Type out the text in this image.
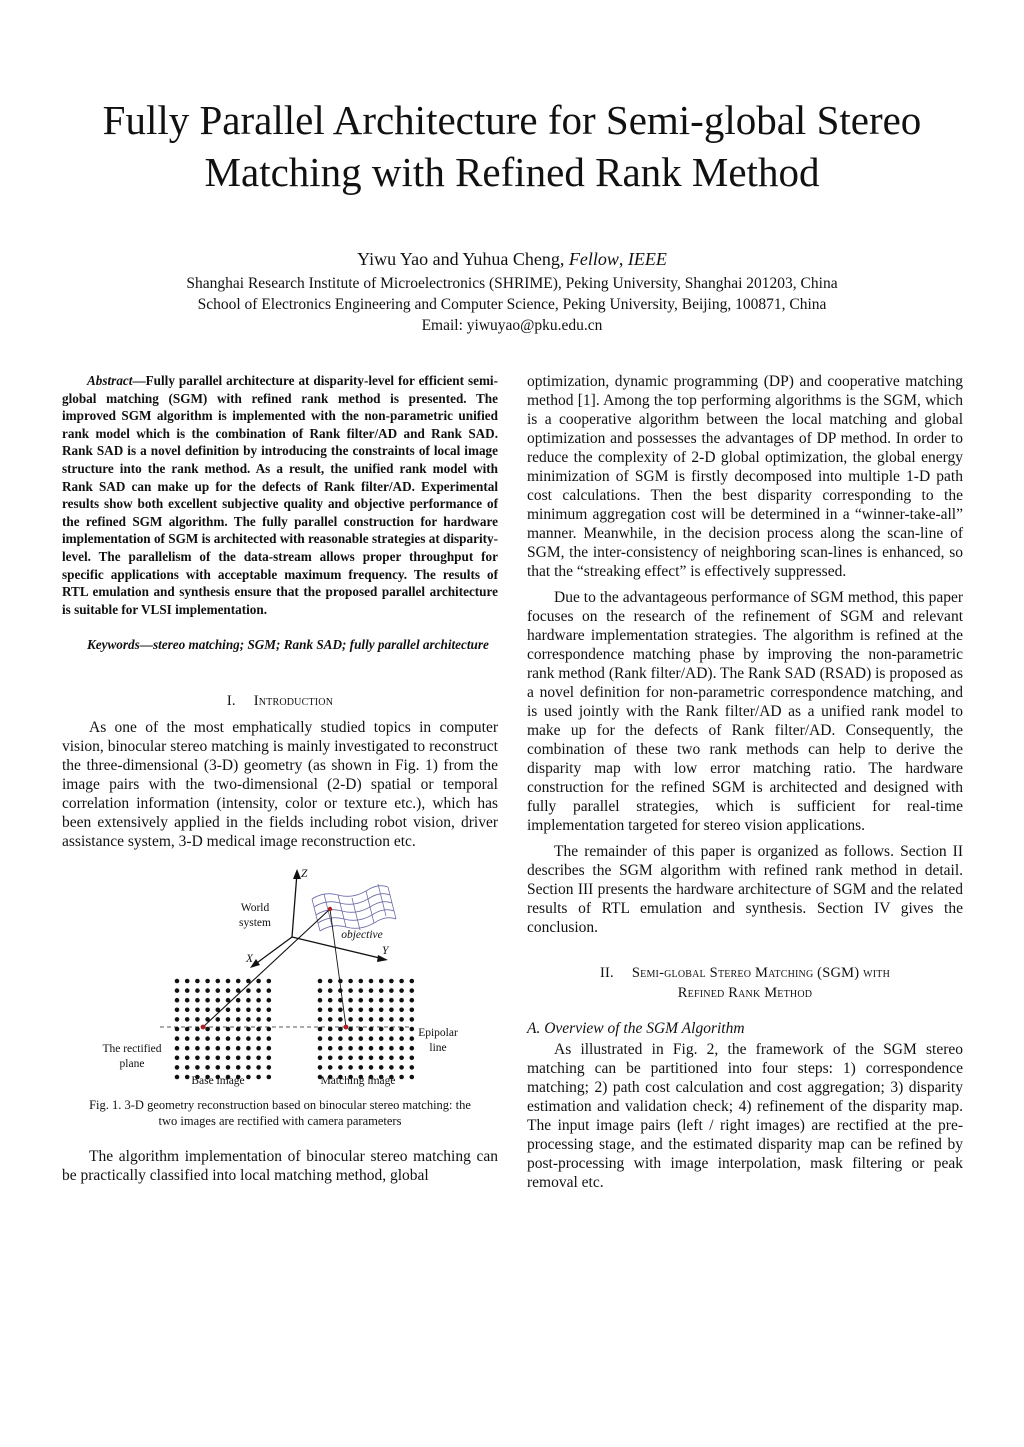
Fully Parallel Architecture for Semi-global Stereo
Matching with Refined Rank Method
Yiwu Yao and Yuhua Cheng, Fellow, IEEE
Shanghai Research Institute of Microelectronics (SHRIME), Peking University, Shanghai 201203, China
School of Electronics Engineering and Computer Science, Peking University, Beijing, 100871, China
Email: yiwuyao@pku.edu.cn

Abstract—Fully parallel architecture at disparity-level for efficient semi-global matching (SGM) with refined rank method is presented. The improved SGM algorithm is implemented with the non-parametric unified rank model which is the combination of Rank filter/AD and Rank SAD. Rank SAD is a novel definition by introducing the constraints of local image structure into the rank method. As a result, the unified rank model with Rank SAD can make up for the defects of Rank filter/AD. Experimental results show both excellent subjective quality and objective performance of the refined SGM algorithm. The fully parallel construction for hardware implementation of SGM is architected with reasonable strategies at disparity-level. The parallelism of the data-stream allows proper throughput for specific applications with acceptable maximum frequency. The results of RTL emulation and synthesis ensure that the proposed parallel architecture is suitable for VLSI implementation.

Keywords—stereo matching; SGM; Rank SAD; fully parallel architecture

I. Introduction

As one of the most emphatically studied topics in computer vision, binocular stereo matching is mainly investigated to reconstruct the three-dimensional (3-D) geometry (as shown in Fig. 1) from the image pairs with the two-dimensional (2-D) spatial or temporal correlation information (intensity, color or texture etc.), which has been extensively applied in the fields including robot vision, driver assistance system, 3-D medical image reconstruction etc.

Z
X
Y
World
system
objective
The rectified
plane
Epipolar
line
Base image	Matching image

Fig. 1. 3-D geometry reconstruction based on binocular stereo matching: the
two images are rectified with camera parameters

The algorithm implementation of binocular stereo matching can be practically classified into local matching method, global

optimization, dynamic programming (DP) and cooperative matching method [1]. Among the top performing algorithms is the SGM, which is a cooperative algorithm between the local matching and global optimization and possesses the advantages of DP method. In order to reduce the complexity of 2-D global optimization, the global energy minimization of SGM is firstly decomposed into multiple 1-D path cost calculations. Then the best disparity corresponding to the minimum aggregation cost will be determined in a “winner-take-all” manner. Meanwhile, in the decision process along the scan-line of SGM, the inter-consistency of neighboring scan-lines is enhanced, so that the “streaking effect” is effectively suppressed.

Due to the advantageous performance of SGM method, this paper focuses on the research of the refinement of SGM and relevant hardware implementation strategies. The algorithm is refined at the correspondence matching phase by improving the non-parametric rank method (Rank filter/AD). The Rank SAD (RSAD) is proposed as a novel definition for non-parametric correspondence matching, and is used jointly with the Rank filter/AD as a unified rank model to make up for the defects of Rank filter/AD. Consequently, the combination of these two rank methods can help to derive the disparity map with low error matching ratio. The hardware construction for the refined SGM is architected and designed with fully parallel strategies, which is sufficient for real-time implementation targeted for stereo vision applications.

The remainder of this paper is organized as follows. Section II describes the SGM algorithm with refined rank method in detail. Section III presents the hardware architecture of SGM and the related results of RTL emulation and synthesis. Section IV gives the conclusion.

II. Semi-global Stereo Matching (SGM) with
Refined Rank Method

A. Overview of the SGM Algorithm

As illustrated in Fig. 2, the framework of the SGM stereo matching can be partitioned into four steps: 1) correspondence matching; 2) path cost calculation and cost aggregation; 3) disparity estimation and validation check; 4) refinement of the disparity map. The input image pairs (left / right images) are rectified at the pre-processing stage, and the estimated disparity map can be refined by post-processing with image interpolation, mask filtering or peak removal etc.
